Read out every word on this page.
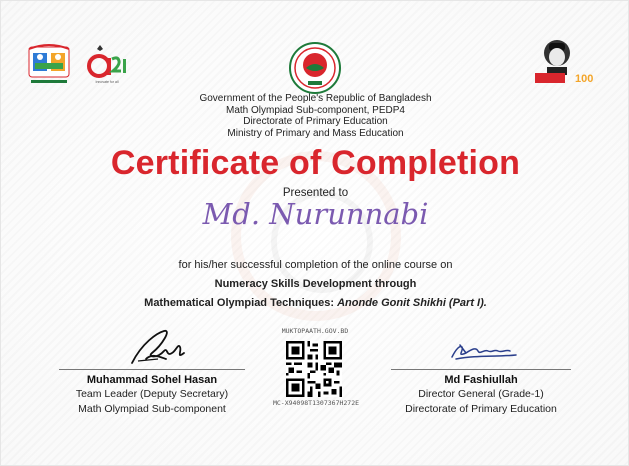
Innovate for all	100
Government of the People's Republic of Bangladesh
Math Olympiad Sub-component, PEDP4
Directorate of Primary Education
Ministry of Primary and Mass Education
Certificate of Completion
Presented to
Md. Nurunnabi
for his/her successful completion of the online course on
Numeracy Skills Development through
Mathematical Olympiad Techniques: Anonde Gonit Shikhi (Part I).
Muhammad Sohel Hasan
Team Leader (Deputy Secretary)
Math Olympiad Sub-component
MUKTOPAATH.GOV.BD
MC-X94098T1307367H272E
Md Fashiullah
Director General (Grade-1)
Directorate of Primary Education
